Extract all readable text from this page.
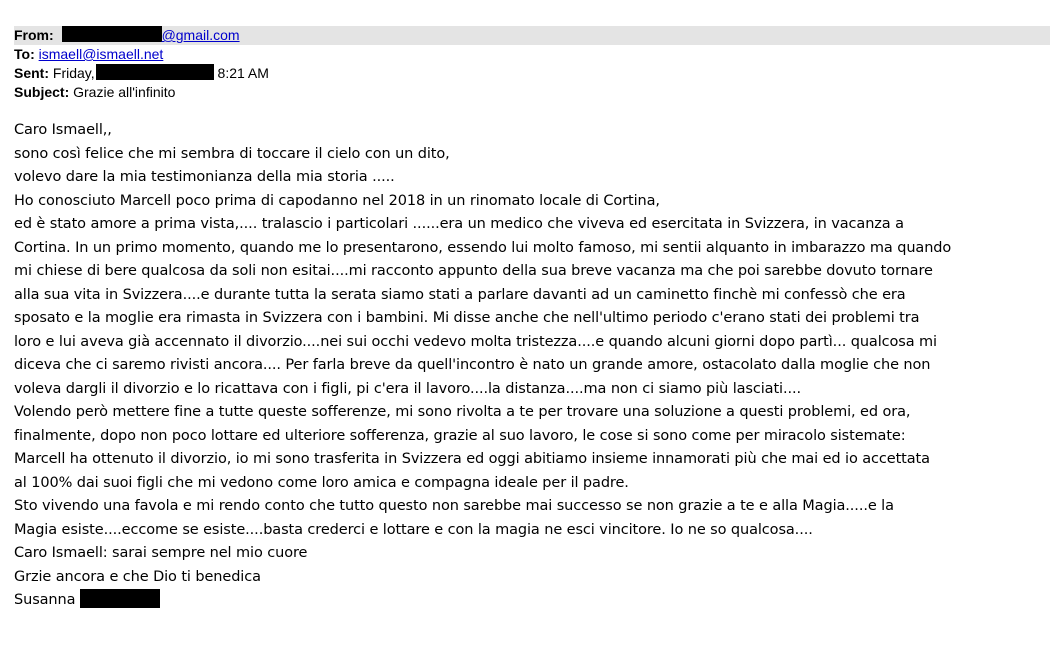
From:	@gmail.com
To: ismaell@ismaell.net
Sent: Friday,	8:21 AM
Subject: Grazie all'infinito
Caro Ismaell,,
sono così felice che mi sembra di toccare il cielo con un dito,
volevo dare la mia testimonianza della mia storia .....
Ho conosciuto Marcell poco prima di capodanno nel 2018 in un rinomato locale di Cortina,
ed è stato amore a prima vista,.... tralascio i particolari ......era un medico che viveva ed esercitata in Svizzera, in vacanza a
Cortina. In un primo momento, quando me lo presentarono, essendo lui molto famoso, mi sentii alquanto in imbarazzo ma quando
mi chiese di bere qualcosa da soli non esitai....mi racconto appunto della sua breve vacanza ma che poi sarebbe dovuto tornare
alla sua vita in Svizzera....e durante tutta la serata siamo stati a parlare davanti ad un caminetto finchè mi confessò che era
sposato e la moglie era rimasta in Svizzera con i bambini. Mi disse anche che nell'ultimo periodo c'erano stati dei problemi tra
loro e lui aveva già accennato il divorzio....nei sui occhi vedevo molta tristezza....e quando alcuni giorni dopo partì... qualcosa mi
diceva che ci saremo rivisti ancora.... Per farla breve da quell'incontro è nato un grande amore, ostacolato dalla moglie che non
voleva dargli il divorzio e lo ricattava con i figli, pi c'era il lavoro....la distanza....ma non ci siamo più lasciati....
Volendo però mettere fine a tutte queste sofferenze, mi sono rivolta a te per trovare una soluzione a questi problemi, ed ora,
finalmente, dopo non poco lottare ed ulteriore sofferenza, grazie al suo lavoro, le cose si sono come per miracolo sistemate:
Marcell ha ottenuto il divorzio, io mi sono trasferita in Svizzera ed oggi abitiamo insieme innamorati più che mai ed io accettata
al 100% dai suoi figli che mi vedono come loro amica e compagna ideale per il padre.
Sto vivendo una favola e mi rendo conto che tutto questo non sarebbe mai successo se non grazie a te e alla Magia.....e la
Magia esiste....eccome se esiste....basta crederci e lottare e con la magia ne esci vincitore. Io ne so qualcosa....
Caro Ismaell: sarai sempre nel mio cuore
Grzie ancora e che Dio ti benedica
Susanna
